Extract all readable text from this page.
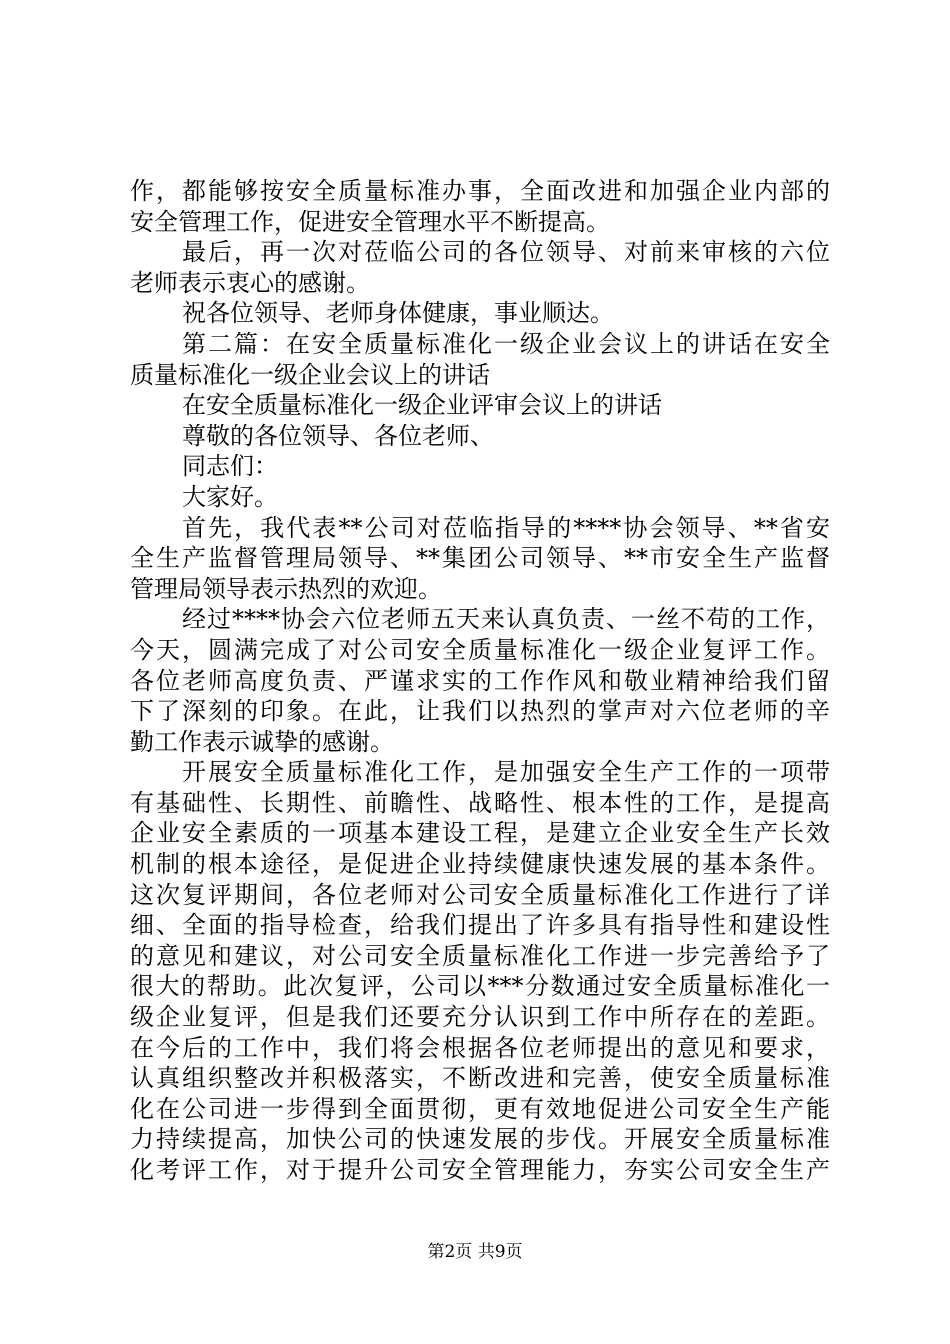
作，都能够按安全质量标准办事，全面改进和加强企业内部的
安全管理工作，促进安全管理水平不断提高。
最后，再一次对莅临公司的各位领导、对前来审核的六位
老师表示衷心的感谢。
祝各位领导、老师身体健康，事业顺达。
第二篇：在安全质量标准化一级企业会议上的讲话在安全
质量标准化一级企业会议上的讲话
在安全质量标准化一级企业评审会议上的讲话
尊敬的各位领导、各位老师、
同志们：
大家好。
首先，我代表**公司对莅临指导的****协会领导、**省安
全生产监督管理局领导、**集团公司领导、**市安全生产监督
管理局领导表示热烈的欢迎。
经过****协会六位老师五天来认真负责、一丝不苟的工作，
今天，圆满完成了对公司安全质量标准化一级企业复评工作。
各位老师高度负责、严谨求实的工作作风和敬业精神给我们留
下了深刻的印象。在此，让我们以热烈的掌声对六位老师的辛
勤工作表示诚挚的感谢。
开展安全质量标准化工作，是加强安全生产工作的一项带
有基础性、长期性、前瞻性、战略性、根本性的工作，是提高
企业安全素质的一项基本建设工程，是建立企业安全生产长效
机制的根本途径，是促进企业持续健康快速发展的基本条件。
这次复评期间，各位老师对公司安全质量标准化工作进行了详
细、全面的指导检查，给我们提出了许多具有指导性和建设性
的意见和建议，对公司安全质量标准化工作进一步完善给予了
很大的帮助。此次复评，公司以***分数通过安全质量标准化一
级企业复评，但是我们还要充分认识到工作中所存在的差距。
在今后的工作中，我们将会根据各位老师提出的意见和要求，
认真组织整改并积极落实，不断改进和完善，使安全质量标准
化在公司进一步得到全面贯彻，更有效地促进公司安全生产能
力持续提高，加快公司的快速发展的步伐。开展安全质量标准
化考评工作，对于提升公司安全管理能力，夯实公司安全生产
第2页 共9页
